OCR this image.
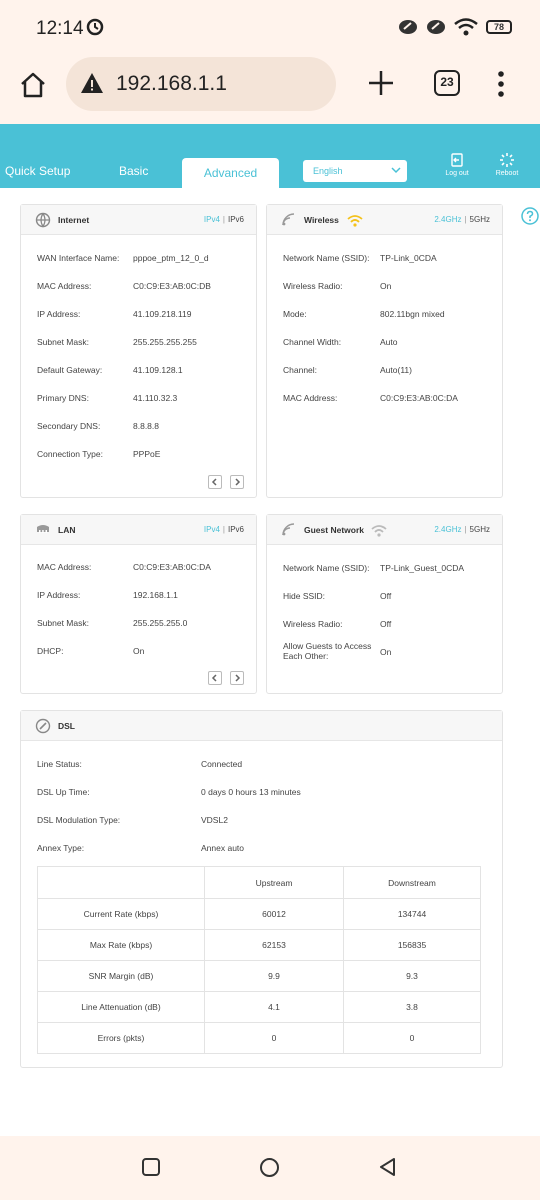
12:14	78
192.168.1.1	23
Quick Setup	Basic	Advanced	English	Log out	Reboot
Internet	IPv4 | IPv6
WAN Interface Name: pppoe_ptm_12_0_d
MAC Address:	C0:C9:E3:AB:0C:DB
IP Address:	41.109.218.119
Subnet Mask:	255.255.255.255
Default Gateway:	41.109.128.1
Primary DNS:	41.110.32.3
Secondary DNS:	8.8.8.8
Connection Type:	PPPoE
Wireless	2.4GHz | 5GHz
Network Name (SSID): TP-Link_0CDA
Wireless Radio:	On
Mode:	802.11bgn mixed
Channel Width:	Auto
Channel:	Auto(11)
MAC Address:	C0:C9:E3:AB:0C:DA
LAN	IPv4 | IPv6
MAC Address:	C0:C9:E3:AB:0C:DA
IP Address:	192.168.1.1
Subnet Mask:	255.255.255.0
DHCP:	On
Guest Network	2.4GHz | 5GHz
Network Name (SSID): TP-Link_Guest_0CDA
Hide SSID:	Off
Wireless Radio:	Off
Allow Guests to Access
Each Other:	On
DSL
Line Status:	Connected
DSL Up Time:	0 days 0 hours 13 minutes
DSL Modulation Type:	VDSL2
Annex Type:	Annex auto
	Upstream	Downstream
Current Rate (kbps)	60012	134744
Max Rate (kbps)	62153	156835
SNR Margin (dB)	9.9	9.3
Line Attenuation (dB)	4.1	3.8
Errors (pkts)	0	0
